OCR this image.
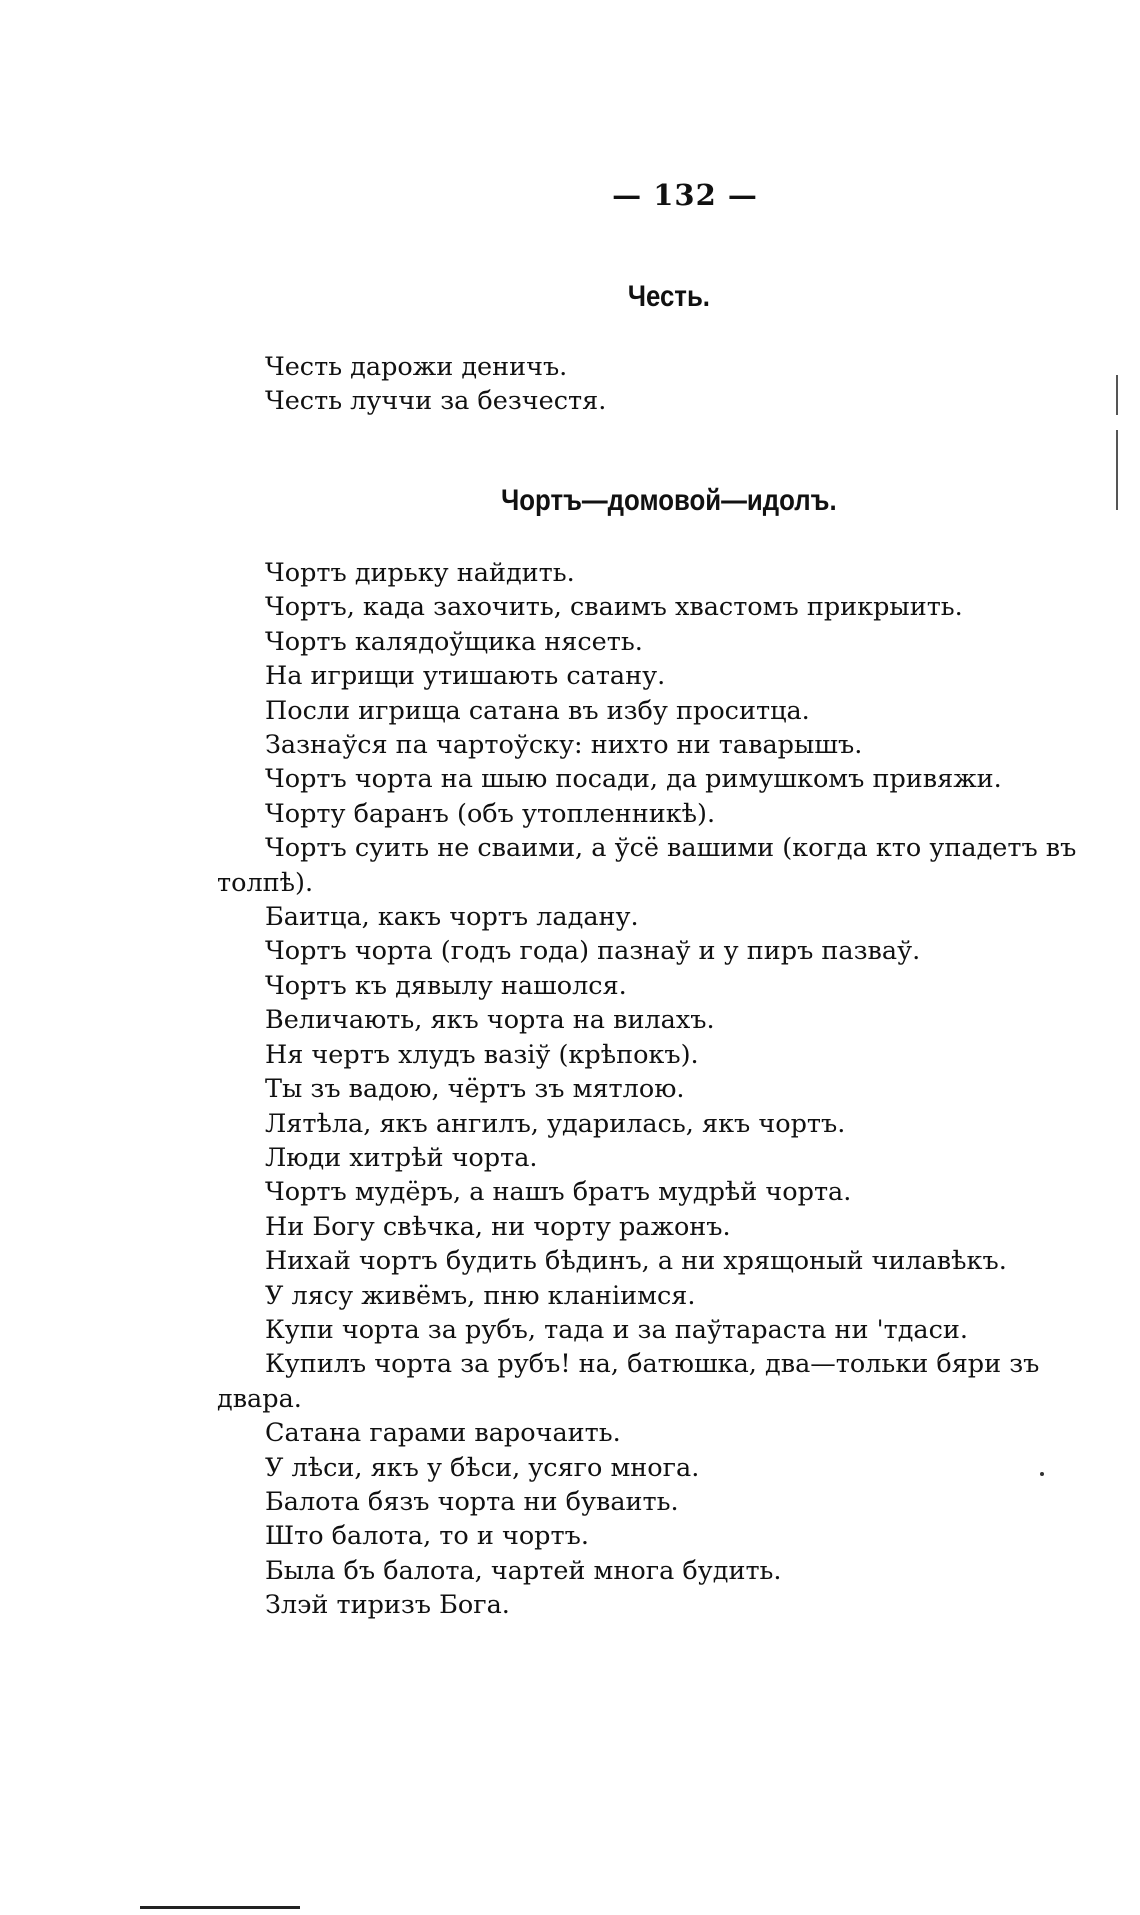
— 132 —
Честь.
Честь дарожи деничъ.
Честь луччи за безчестя.
Чортъ—домовой—идолъ.
Чортъ дирьку найдить.
Чортъ, када захочить, сваимъ хвастомъ прикрыить.
Чортъ калядоўщика нясеть.
На игрищи утишають сатану.
Посли игрища сатана въ избу проситца.
Зазнаўся па чартоўску: нихто ни таварышъ.
Чортъ чорта на шыю посади, да римушкомъ привяжи.
Чорту баранъ (объ утопленникѣ).
Чортъ суить не сваими, а ўсё вашими (когда кто упадетъ въ
толпѣ).
Баитца, какъ чортъ ладану.
Чортъ чорта (годъ года) пазнаў и у пиръ пазваў.
Чортъ къ дявылу нашолся.
Величають, якъ чорта на вилахъ.
Ня чертъ хлудъ вазіў (крѣпокъ).
Ты зъ вадою, чёртъ зъ мятлою.
Лятѣла, якъ ангилъ, ударилась, якъ чортъ.
Люди хитрѣй чорта.
Чортъ мудёръ, а нашъ братъ мудрѣй чорта.
Ни Богу свѣчка, ни чорту ражонъ.
Нихай чортъ будить бѣдинъ, а ни хрящоный чилавѣкъ.
У лясу живёмъ, пню кланіимся.
Купи чорта за рубъ, тада и за паўтараста ни 'тдаси.
Купилъ чорта за рубъ! на, батюшка, два—тольки бяри зъ
двара.
Сатана гарами варочаить.
У лѣси, якъ у бѣси, усяго многа.
Балота бязъ чорта ни буваить.
Што балота, то и чортъ.
Была бъ балота, чартей многа будить.
Злэй тиризъ Бога.
